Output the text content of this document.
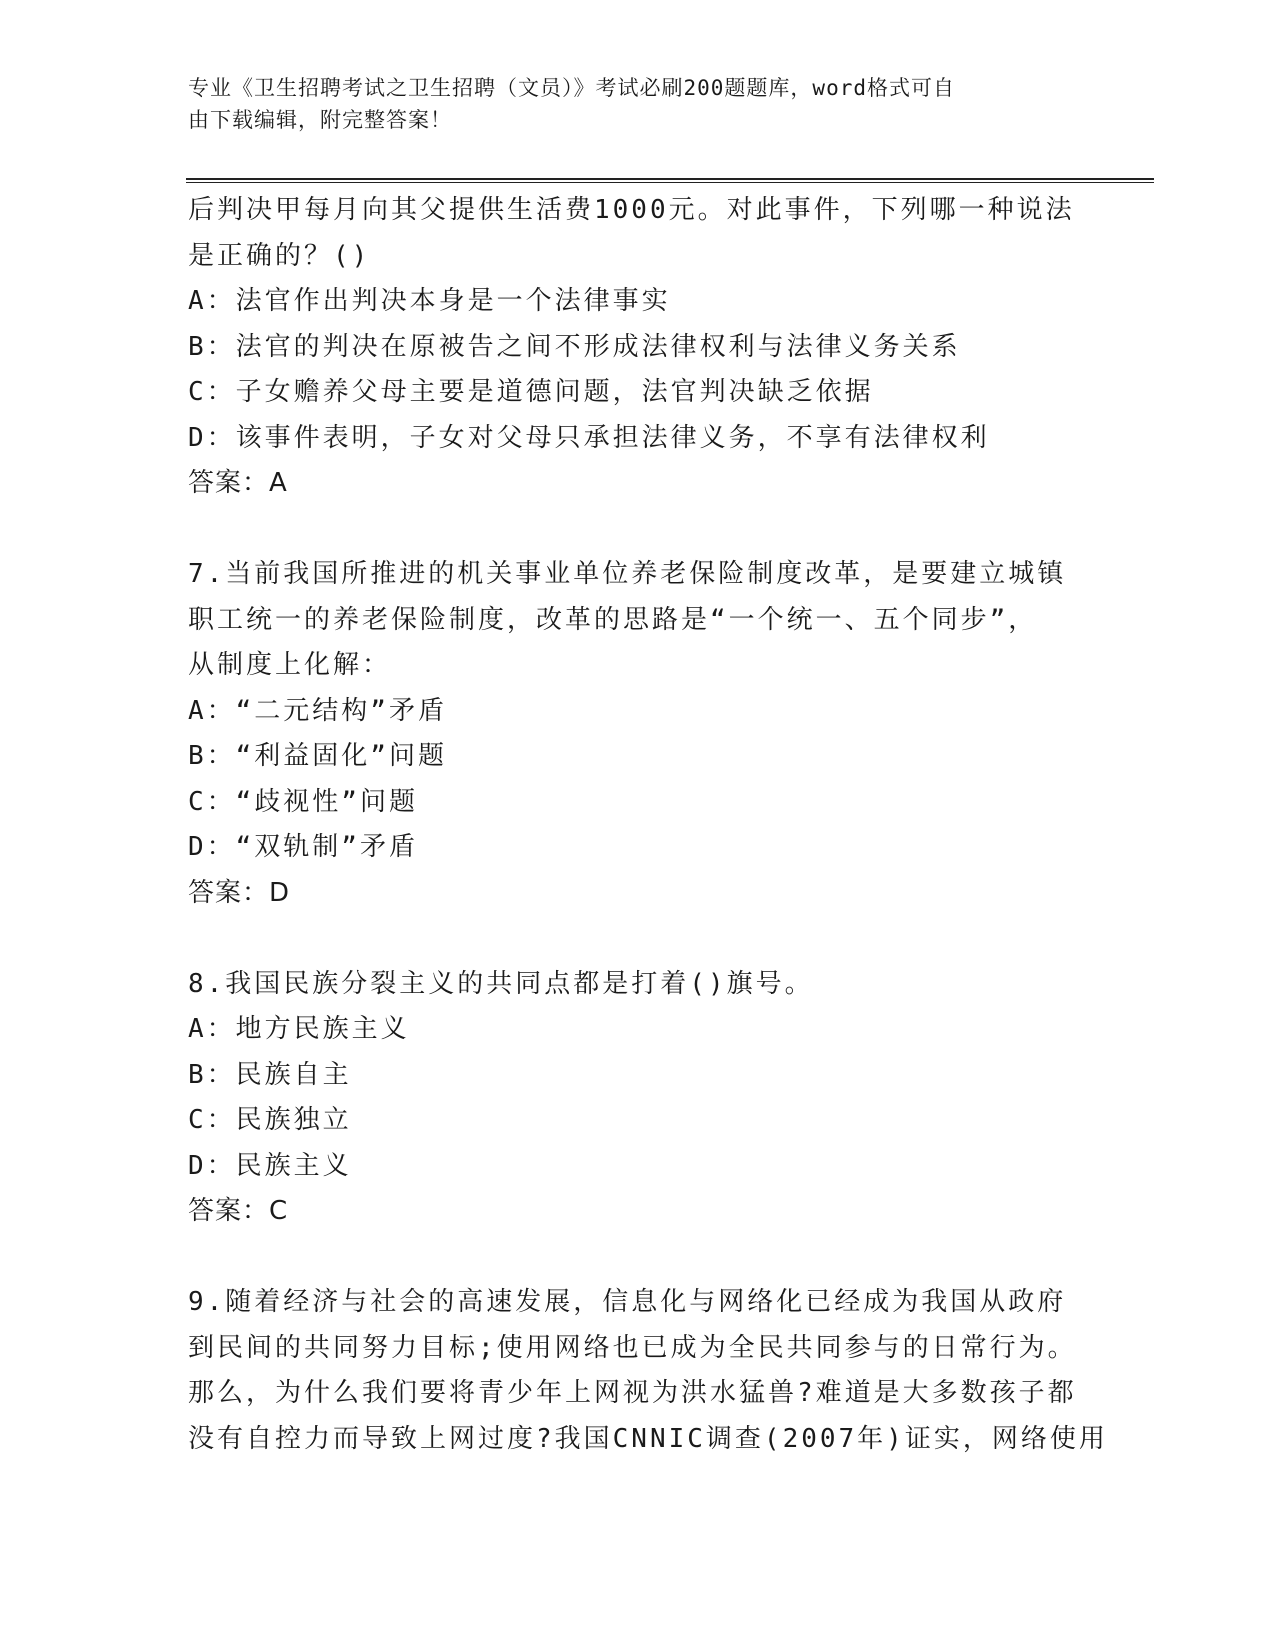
专业《卫生招聘考试之卫生招聘（文员）》考试必刷200题题库，word格式可自
由下载编辑，附完整答案！
后判决甲每月向其父提供生活费1000元。对此事件，下列哪一种说法
是正确的？()
A：法官作出判决本身是一个法律事实
B：法官的判决在原被告之间不形成法律权利与法律义务关系
C：子女赡养父母主要是道德问题，法官判决缺乏依据
D：该事件表明，子女对父母只承担法律义务，不享有法律权利
答案：A
7.当前我国所推进的机关事业单位养老保险制度改革，是要建立城镇
职工统一的养老保险制度，改革的思路是“一个统一、五个同步”，
从制度上化解：
A：“二元结构”矛盾
B：“利益固化”问题
C：“歧视性”问题
D：“双轨制”矛盾
答案：D
8.我国民族分裂主义的共同点都是打着()旗号。
A：地方民族主义
B：民族自主
C：民族独立
D：民族主义
答案：C
9.随着经济与社会的高速发展，信息化与网络化已经成为我国从政府
到民间的共同努力目标;使用网络也已成为全民共同参与的日常行为。
那么，为什么我们要将青少年上网视为洪水猛兽?难道是大多数孩子都
没有自控力而导致上网过度?我国CNNIC调查(2007年)证实，网络使用
